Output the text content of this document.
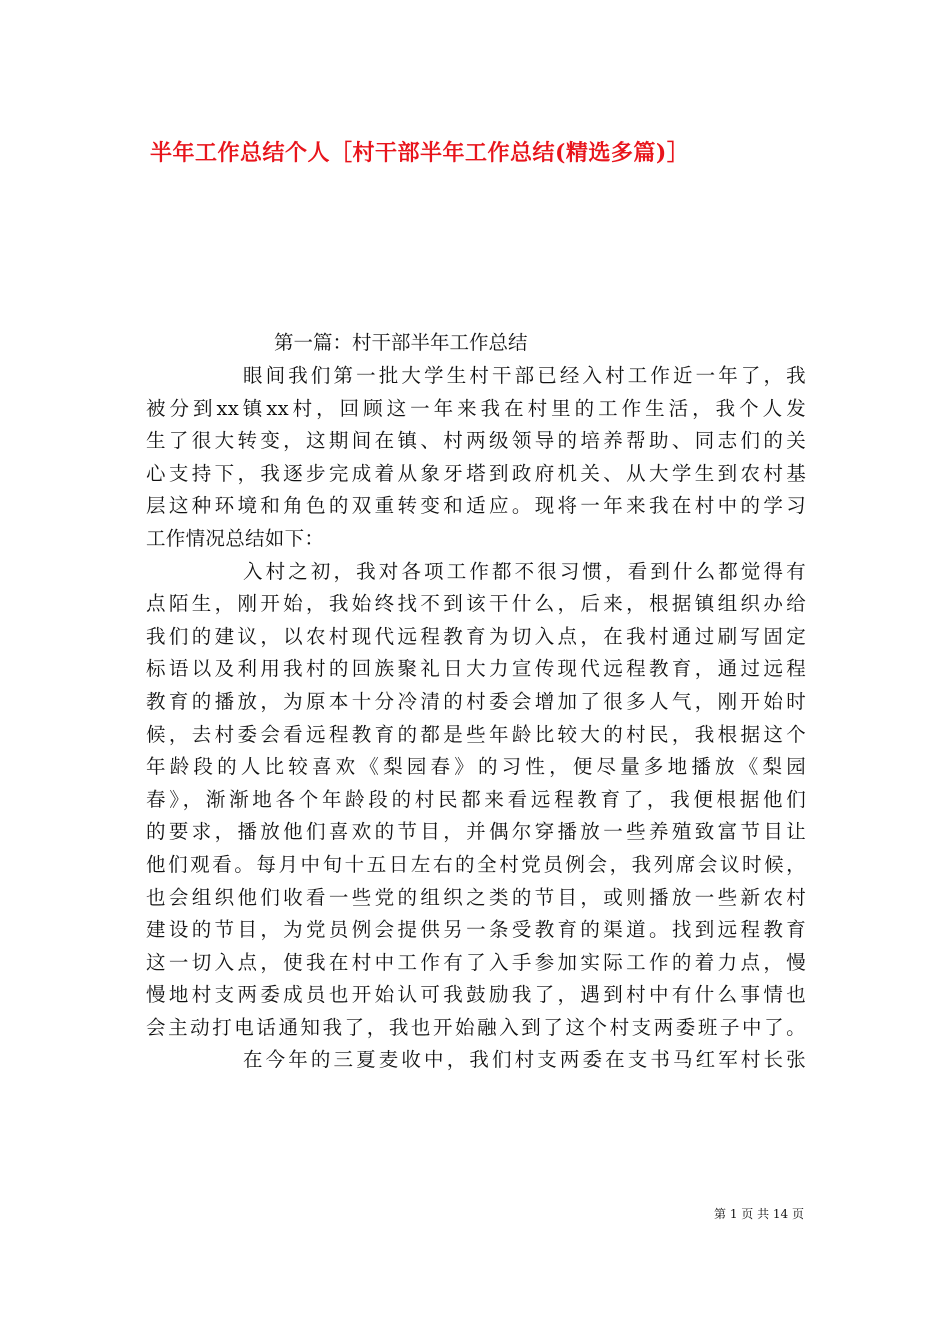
半年工作总结个人［村干部半年工作总结(精选多篇)］
第一篇：村干部半年工作总结
眼间我们第一批大学生村干部已经入村工作近一年了，我
被分到xx镇xx村，回顾这一年来我在村里的工作生活，我个人发
生了很大转变，这期间在镇、村两级领导的培养帮助、同志们的关
心支持下，我逐步完成着从象牙塔到政府机关、从大学生到农村基
层这种环境和角色的双重转变和适应。现将一年来我在村中的学习
工作情况总结如下：
入村之初，我对各项工作都不很习惯，看到什么都觉得有
点陌生，刚开始，我始终找不到该干什么，后来，根据镇组织办给
我们的建议，以农村现代远程教育为切入点，在我村通过刷写固定
标语以及利用我村的回族聚礼日大力宣传现代远程教育，通过远程
教育的播放，为原本十分冷清的村委会增加了很多人气，刚开始时
候，去村委会看远程教育的都是些年龄比较大的村民，我根据这个
年龄段的人比较喜欢《梨园春》的习性，便尽量多地播放《梨园
春》，渐渐地各个年龄段的村民都来看远程教育了，我便根据他们
的要求，播放他们喜欢的节目，并偶尔穿播放一些养殖致富节目让
他们观看。每月中旬十五日左右的全村党员例会，我列席会议时候，
也会组织他们收看一些党的组织之类的节目，或则播放一些新农村
建设的节目，为党员例会提供另一条受教育的渠道。找到远程教育
这一切入点，使我在村中工作有了入手参加实际工作的着力点，慢
慢地村支两委成员也开始认可我鼓励我了，遇到村中有什么事情也
会主动打电话通知我了，我也开始融入到了这个村支两委班子中了。
在今年的三夏麦收中，我们村支两委在支书马红军村长张
第 1 页 共 14 页
